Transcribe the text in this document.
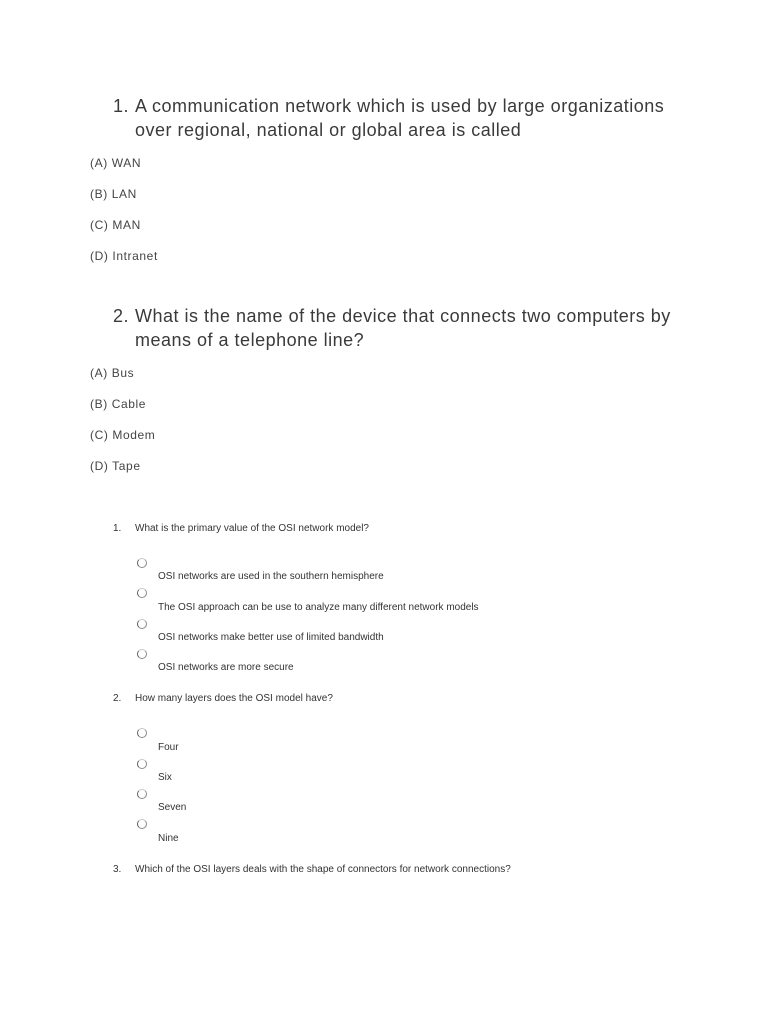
1. A communication network which is used by large organizations over regional, national or global area is called
(A) WAN
(B) LAN
(C) MAN
(D) Intranet
2. What is the name of the device that connects two computers by means of a telephone line?
(A) Bus
(B) Cable
(C) Modem
(D) Tape
1. What is the primary value of the OSI network model?
OSI networks are used in the southern hemisphere
The OSI approach can be use to analyze many different network models
OSI networks make better use of limited bandwidth
OSI networks are more secure
2. How many layers does the OSI model have?
Four
Six
Seven
Nine
3. Which of the OSI layers deals with the shape of connectors for network connections?
